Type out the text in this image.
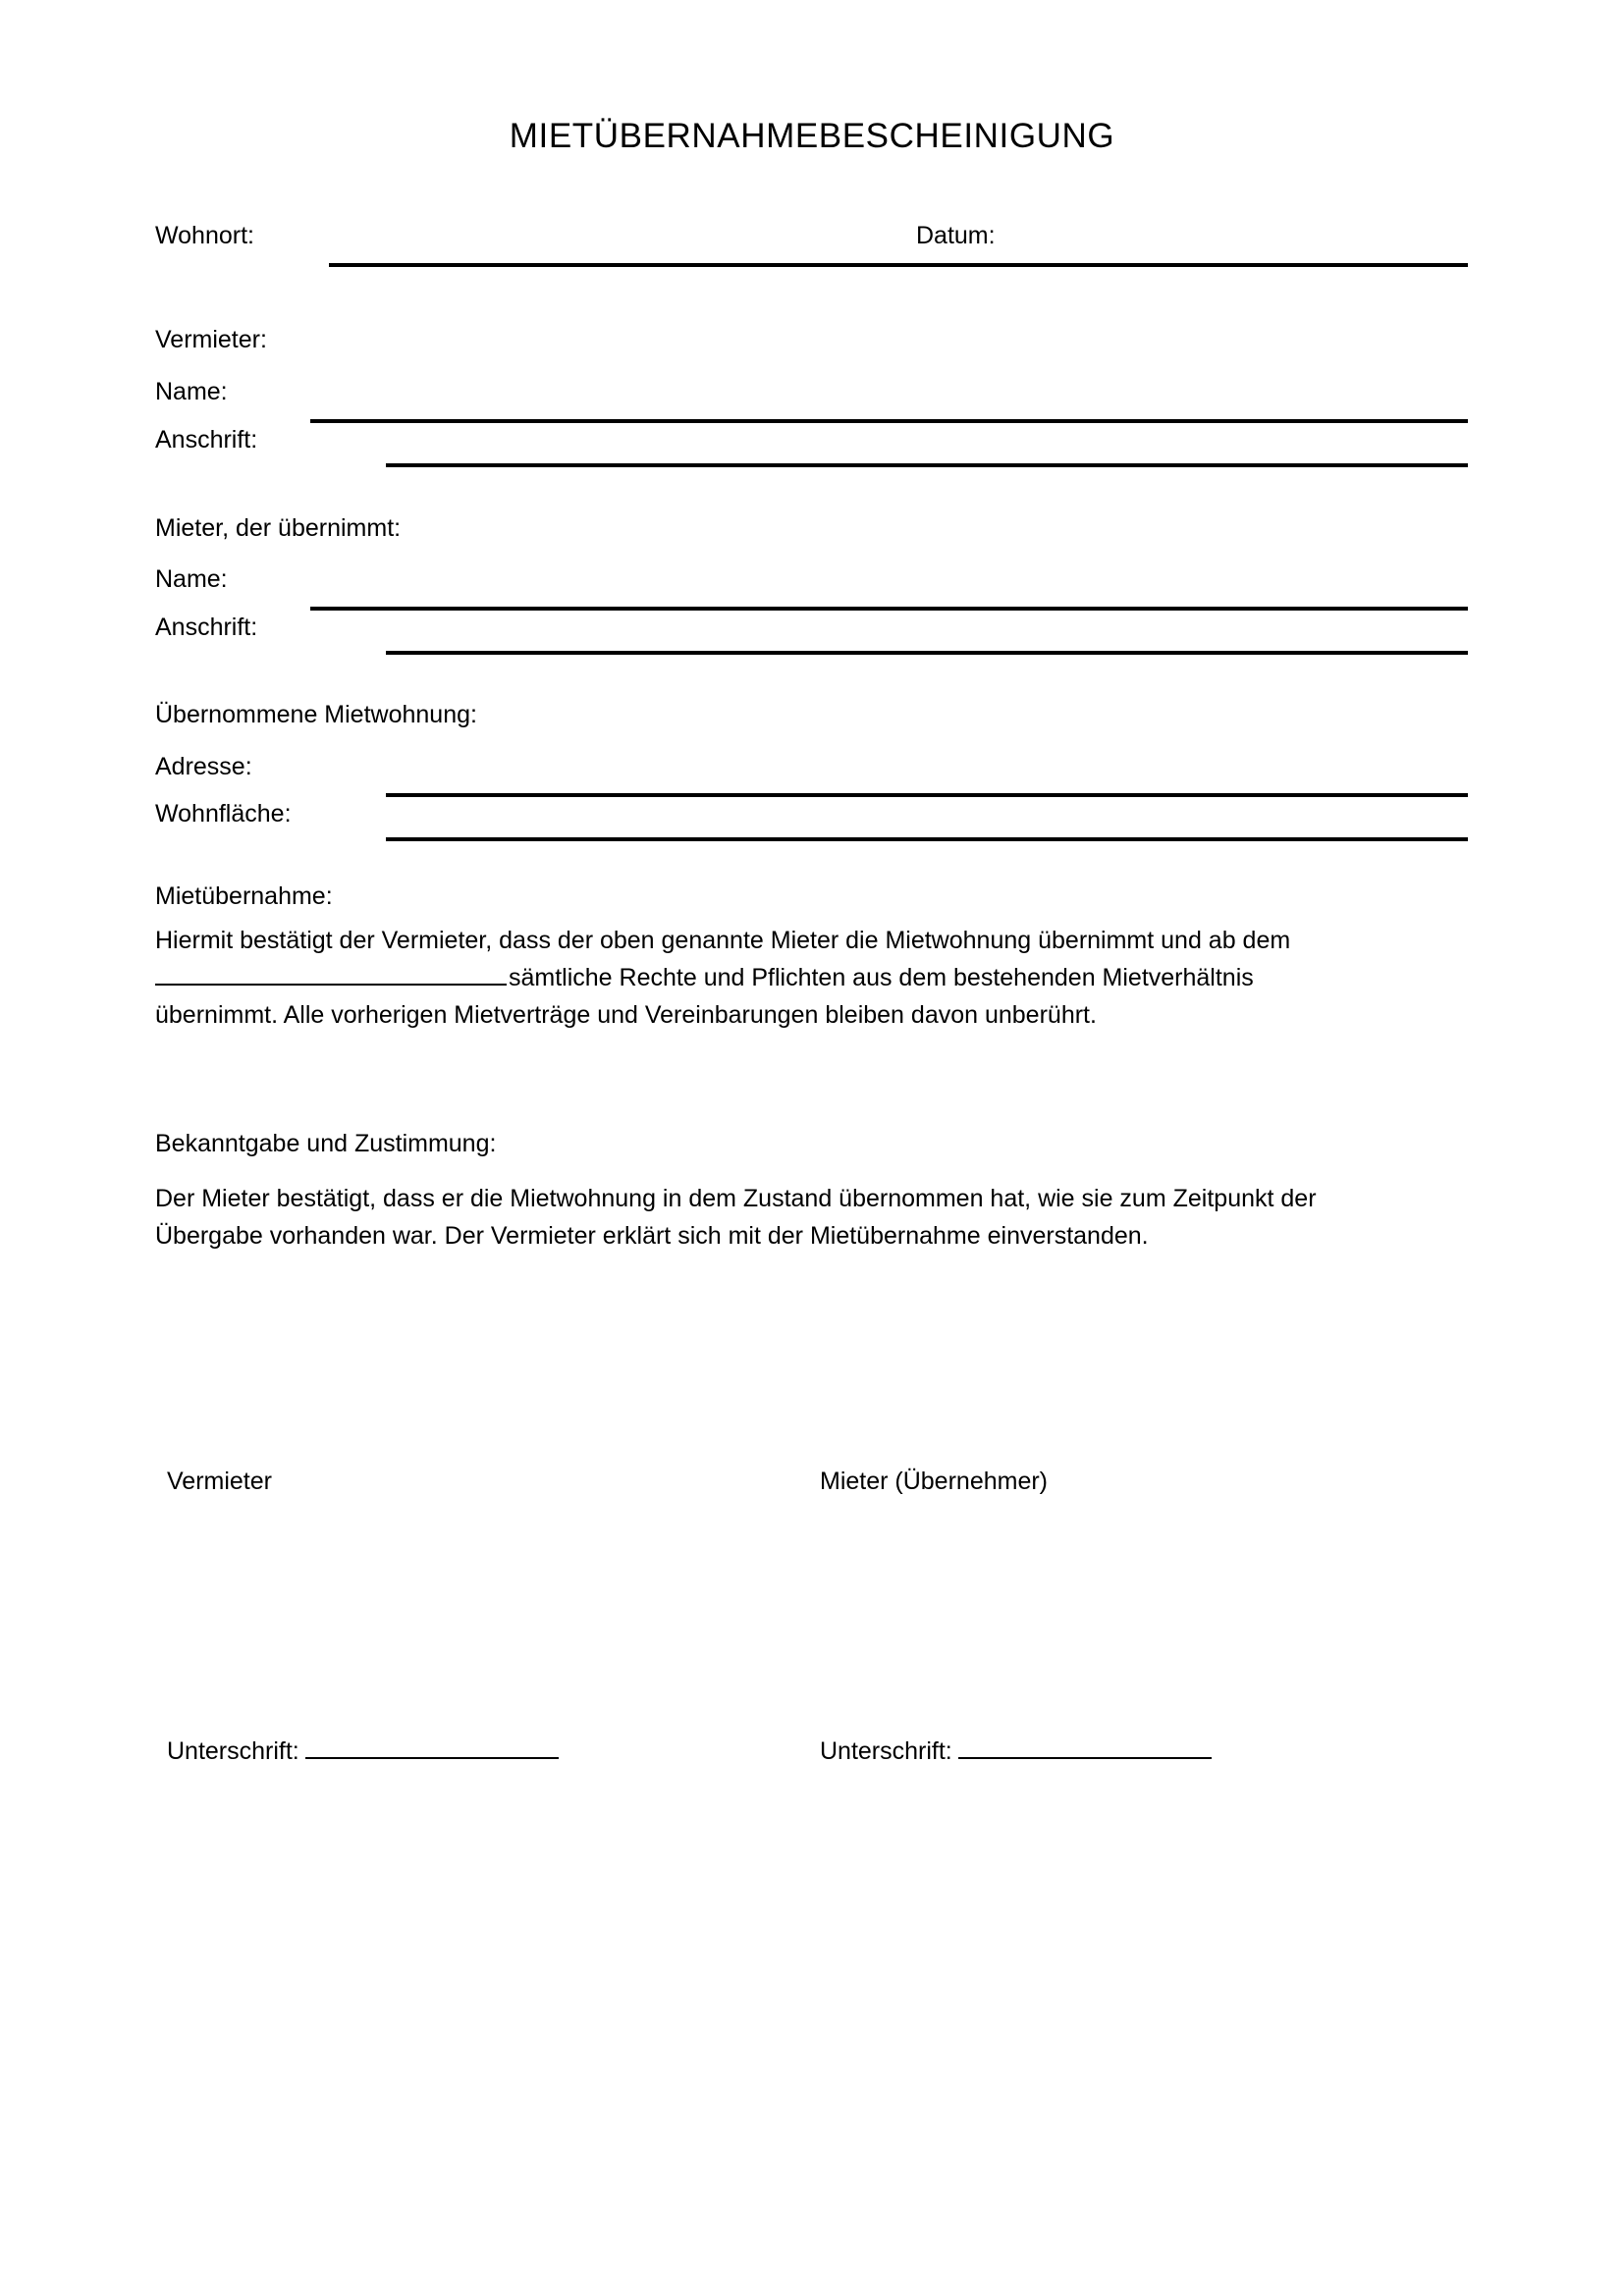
MIETÜBERNAHMEBESCHEINIGUNG
Wohnort:	Datum:
Vermieter:
Name:
Anschrift:
Mieter, der übernimmt:
Name:
Anschrift:
Übernommene Mietwohnung:
Adresse:
Wohnfläche:
Mietübernahme:
Hiermit bestätigt der Vermieter, dass der oben genannte Mieter die Mietwohnung übernimmt und ab dem
sämtliche Rechte und Pflichten aus dem bestehenden Mietverhältnis
übernimmt. Alle vorherigen Mietverträge und Vereinbarungen bleiben davon unberührt.
Bekanntgabe und Zustimmung:
Der Mieter bestätigt, dass er die Mietwohnung in dem Zustand übernommen hat, wie sie zum Zeitpunkt der
Übergabe vorhanden war. Der Vermieter erklärt sich mit der Mietübernahme einverstanden.
Vermieter	Mieter (Übernehmer)
Unterschrift:	Unterschrift:
